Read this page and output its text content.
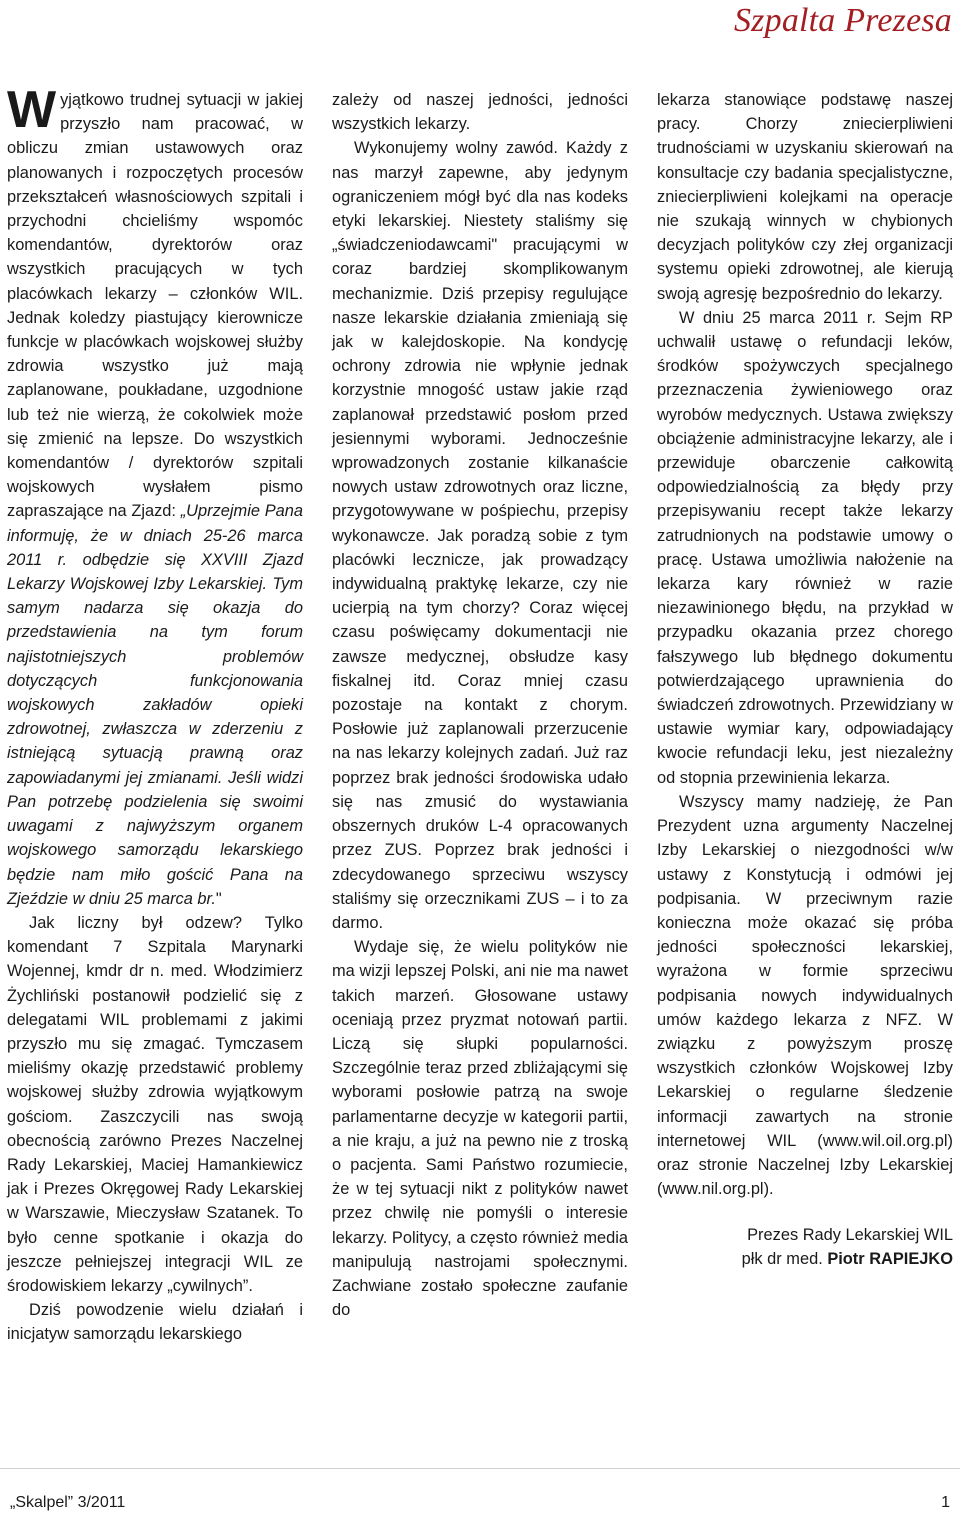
Szpalta Prezesa

Wyjątkowo trudnej sytuacji w jakiej przyszło nam pracować, w obliczu zmian ustawowych oraz planowanych i rozpoczętych procesów przekształceń własnościowych szpitali i przychodni chcieliśmy wspomóc komendantów, dyrektorów oraz wszystkich pracujących w tych placówkach lekarzy – członków WIL. Jednak koledzy piastujący kierownicze funkcje w placówkach wojskowej służby zdrowia wszystko już mają zaplanowane, poukładane, uzgodnione lub też nie wierzą, że cokolwiek może się zmienić na lepsze. Do wszystkich komendantów / dyrektorów szpitali wojskowych wysłałem pismo zapraszające na Zjazd: „Uprzejmie Pana informuję, że w dniach 25-26 marca 2011 r. odbędzie się XXVIII Zjazd Lekarzy Wojskowej Izby Lekarskiej. Tym samym nadarza się okazja do przedstawienia na tym forum najistotniejszych problemów dotyczących funkcjonowania wojskowych zakładów opieki zdrowotnej, zwłaszcza w zderzeniu z istniejącą sytuacją prawną oraz zapowiadanymi jej zmianami. Jeśli widzi Pan potrzebę podzielenia się swoimi uwagami z najwyższym organem wojskowego samorządu lekarskiego będzie nam miło gościć Pana na Zjeździe w dniu 25 marca br."

Jak liczny był odzew? Tylko komendant 7 Szpitala Marynarki Wojennej, kmdr dr n. med. Włodzimierz Żychliński postanowił podzielić się z delegatami WIL problemami z jakimi przyszło mu się zmagać. Tymczasem mieliśmy okazję przedstawić problemy wojskowej służby zdrowia wyjątkowym gościom. Zaszczycili nas swoją obecnością zarówno Prezes Naczelnej Rady Lekarskiej, Maciej Hamankiewicz jak i Prezes Okręgowej Rady Lekarskiej w Warszawie, Mieczysław Szatanek. To było cenne spotkanie i okazja do jeszcze pełniejszej integracji WIL ze środowiskiem lekarzy „cywilnych”.

Dziś powodzenie wielu działań i inicjatyw samorządu lekarskiego

zależy od naszej jedności, jedności wszystkich lekarzy.

Wykonujemy wolny zawód. Każdy z nas marzył zapewne, aby jedynym ograniczeniem mógł być dla nas kodeks etyki lekarskiej. Niestety staliśmy się „świadczeniodawcami" pracującymi w coraz bardziej skomplikowanym mechanizmie. Dziś przepisy regulujące nasze lekarskie działania zmieniają się jak w kalejdoskopie. Na kondycję ochrony zdrowia nie wpłynie jednak korzystnie mnogość ustaw jakie rząd zaplanował przedstawić posłom przed jesiennymi wyborami. Jednocześnie wprowadzonych zostanie kilkanaście nowych ustaw zdrowotnych oraz liczne, przygotowywane w pośpiechu, przepisy wykonawcze. Jak poradzą sobie z tym placówki lecznicze, jak prowadzący indywidualną praktykę lekarze, czy nie ucierpią na tym chorzy? Coraz więcej czasu poświęcamy dokumentacji nie zawsze medycznej, obsłudze kasy fiskalnej itd. Coraz mniej czasu pozostaje na kontakt z chorym. Posłowie już zaplanowali przerzucenie na nas lekarzy kolejnych zadań. Już raz poprzez brak jedności środowiska udało się nas zmusić do wystawiania obszernych druków L-4 opracowanych przez ZUS. Poprzez brak jedności i zdecydowanego sprzeciwu wszyscy staliśmy się orzecznikami ZUS – i to za darmo.

Wydaje się, że wielu polityków nie ma wizji lepszej Polski, ani nie ma nawet takich marzeń. Głosowane ustawy oceniają przez pryzmat notowań partii. Liczą się słupki popularności. Szczególnie teraz przed zbliżającymi się wyborami posłowie patrzą na swoje parlamentarne decyzje w kategorii partii, a nie kraju, a już na pewno nie z troską o pacjenta. Sami Państwo rozumiecie, że w tej sytuacji nikt z polityków nawet przez chwilę nie pomyśli o interesie lekarzy. Politycy, a często również media manipulują nastrojami społecznymi. Zachwiane zostało społeczne zaufanie do

lekarza stanowiące podstawę naszej pracy. Chorzy zniecierpliwieni trudnościami w uzyskaniu skierowań na konsultacje czy badania specjalistyczne, zniecierpliwieni kolejkami na operacje nie szukają winnych w chybionych decyzjach polityków czy złej organizacji systemu opieki zdrowotnej, ale kierują swoją agresję bezpośrednio do lekarzy.

W dniu 25 marca 2011 r. Sejm RP uchwalił ustawę o refundacji leków, środków spożywczych specjalnego przeznaczenia żywieniowego oraz wyrobów medycznych. Ustawa zwiększy obciążenie administracyjne lekarzy, ale i przewiduje obarczenie całkowitą odpowiedzialnością za błędy przy przepisywaniu recept także lekarzy zatrudnionych na podstawie umowy o pracę. Ustawa umożliwia nałożenie na lekarza kary również w razie niezawinionego błędu, na przykład w przypadku okazania przez chorego fałszywego lub błędnego dokumentu potwierdzającego uprawnienia do świadczeń zdrowotnych. Przewidziany w ustawie wymiar kary, odpowiadający kwocie refundacji leku, jest niezależny od stopnia przewinienia lekarza.

Wszyscy mamy nadzieję, że Pan Prezydent uzna argumenty Naczelnej Izby Lekarskiej o niezgodności w/w ustawy z Konstytucją i odmówi jej podpisania. W przeciwnym razie konieczna może okazać się próba jedności społeczności lekarskiej, wyrażona w formie sprzeciwu podpisania nowych indywidualnych umów każdego lekarza z NFZ. W związku z powyższym proszę wszystkich członków Wojskowej Izby Lekarskiej o regularne śledzenie informacji zawartych na stronie internetowej WIL (www.wil.oil.org.pl) oraz stronie Naczelnej Izby Lekarskiej (www.nil.org.pl).

Prezes Rady Lekarskiej WIL
płk dr med. Piotr RAPIEJKO
„Skalpel” 3/2011	1
